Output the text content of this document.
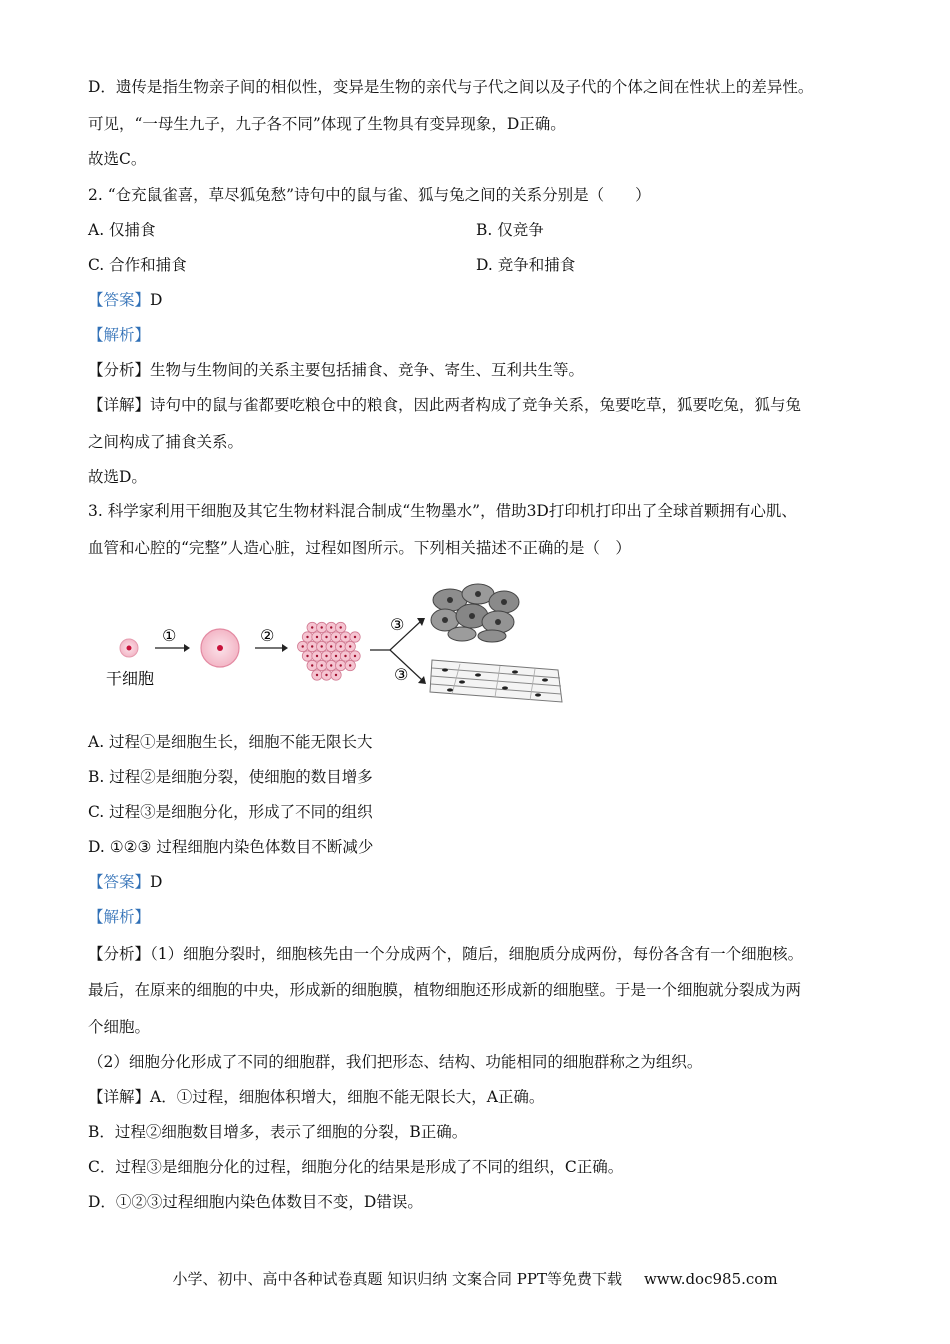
D．遗传是指生物亲子间的相似性，变异是生物的亲代与子代之间以及子代的个体之间在性状上的差异性。
可见，“一母生九子，九子各不同”体现了生物具有变异现象，D正确。
故选C。
2. “仓充鼠雀喜，草尽狐兔愁”诗句中的鼠与雀、狐与兔之间的关系分别是（　　）
A. 仅捕食	B. 仅竞争
C. 合作和捕食	D. 竞争和捕食
【答案】D
【解析】
【分析】生物与生物间的关系主要包括捕食、竞争、寄生、互利共生等。
【详解】诗句中的鼠与雀都要吃粮仓中的粮食，因此两者构成了竞争关系，兔要吃草，狐要吃兔，狐与兔
之间构成了捕食关系。
故选D。
3. 科学家利用干细胞及其它生物材料混合制成“生物墨水”，借助3D打印机打印出了全球首颗拥有心肌、
血管和心腔的“完整”人造心脏，过程如图所示。下列相关描述不正确的是（　）
①	②
③
③
干细胞
A. 过程①是细胞生长，细胞不能无限长大
B. 过程②是细胞分裂，使细胞的数目增多
C. 过程③是细胞分化，形成了不同的组织
D. ①②③ 过程细胞内染色体数目不断减少
【答案】D
【解析】
【分析】（1）细胞分裂时，细胞核先由一个分成两个，随后，细胞质分成两份，每份各含有一个细胞核。
最后，在原来的细胞的中央，形成新的细胞膜，植物细胞还形成新的细胞壁。于是一个细胞就分裂成为两
个细胞。
（2）细胞分化形成了不同的细胞群，我们把形态、结构、功能相同的细胞群称之为组织。
【详解】A．①过程，细胞体积增大，细胞不能无限长大，A正确。
B．过程②细胞数目增多，表示了细胞的分裂，B正确。
C．过程③是细胞分化的过程，细胞分化的结果是形成了不同的组织，C正确。
D．①②③过程细胞内染色体数目不变，D错误。
小学、初中、高中各种试卷真题 知识归纳 文案合同 PPT等免费下载 www.doc985.com
